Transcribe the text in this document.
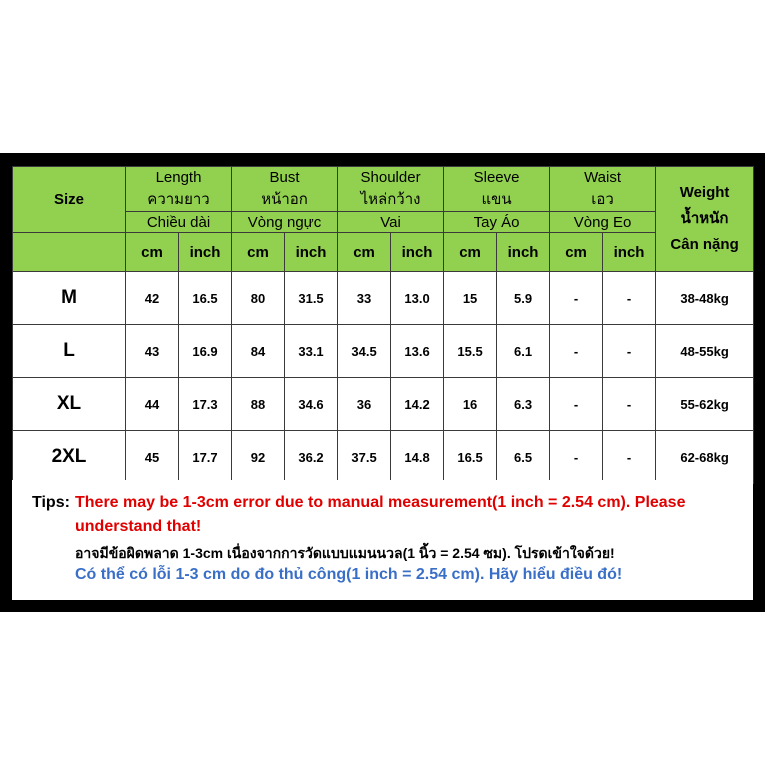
Size	Length		Bust		Shoulder		Sleeve		Waist		Weight
น้ำหนัก
Cân nặng

	ความยาว		หน้าอก		ไหล่กว้าง		แขน		เอว		
	Chiều dài		Vòng ngực		Vai		Tay Áo		Vòng Eo		
	cm	inch	cm	inch	cm	inch	cm	inch	cm	inch	
M	42	16.5	80	31.5	33	13.0	15	5.9	-	-	38-48kg
L	43	16.9	84	33.1	34.5	13.6	15.5	6.1	-	-	48-55kg
XL	44	17.3	88	34.6	36	14.2	16	6.3	-	-	55-62kg
2XL	45	17.7	92	36.2	37.5	14.8	16.5	6.5	-	-	62-68kg
Tips: There may be 1-3cm error due to manual measurement(1 inch = 2.54 cm). Please
understand that!
อาจมีข้อผิดพลาด 1-3cm เนื่องจากการวัดแบบแมนนวล(1 นิ้ว = 2.54 ซม). โปรดเข้าใจด้วย!
Có thể có lỗi 1-3 cm do đo thủ công(1 inch = 2.54 cm). Hãy hiểu điều đó!
